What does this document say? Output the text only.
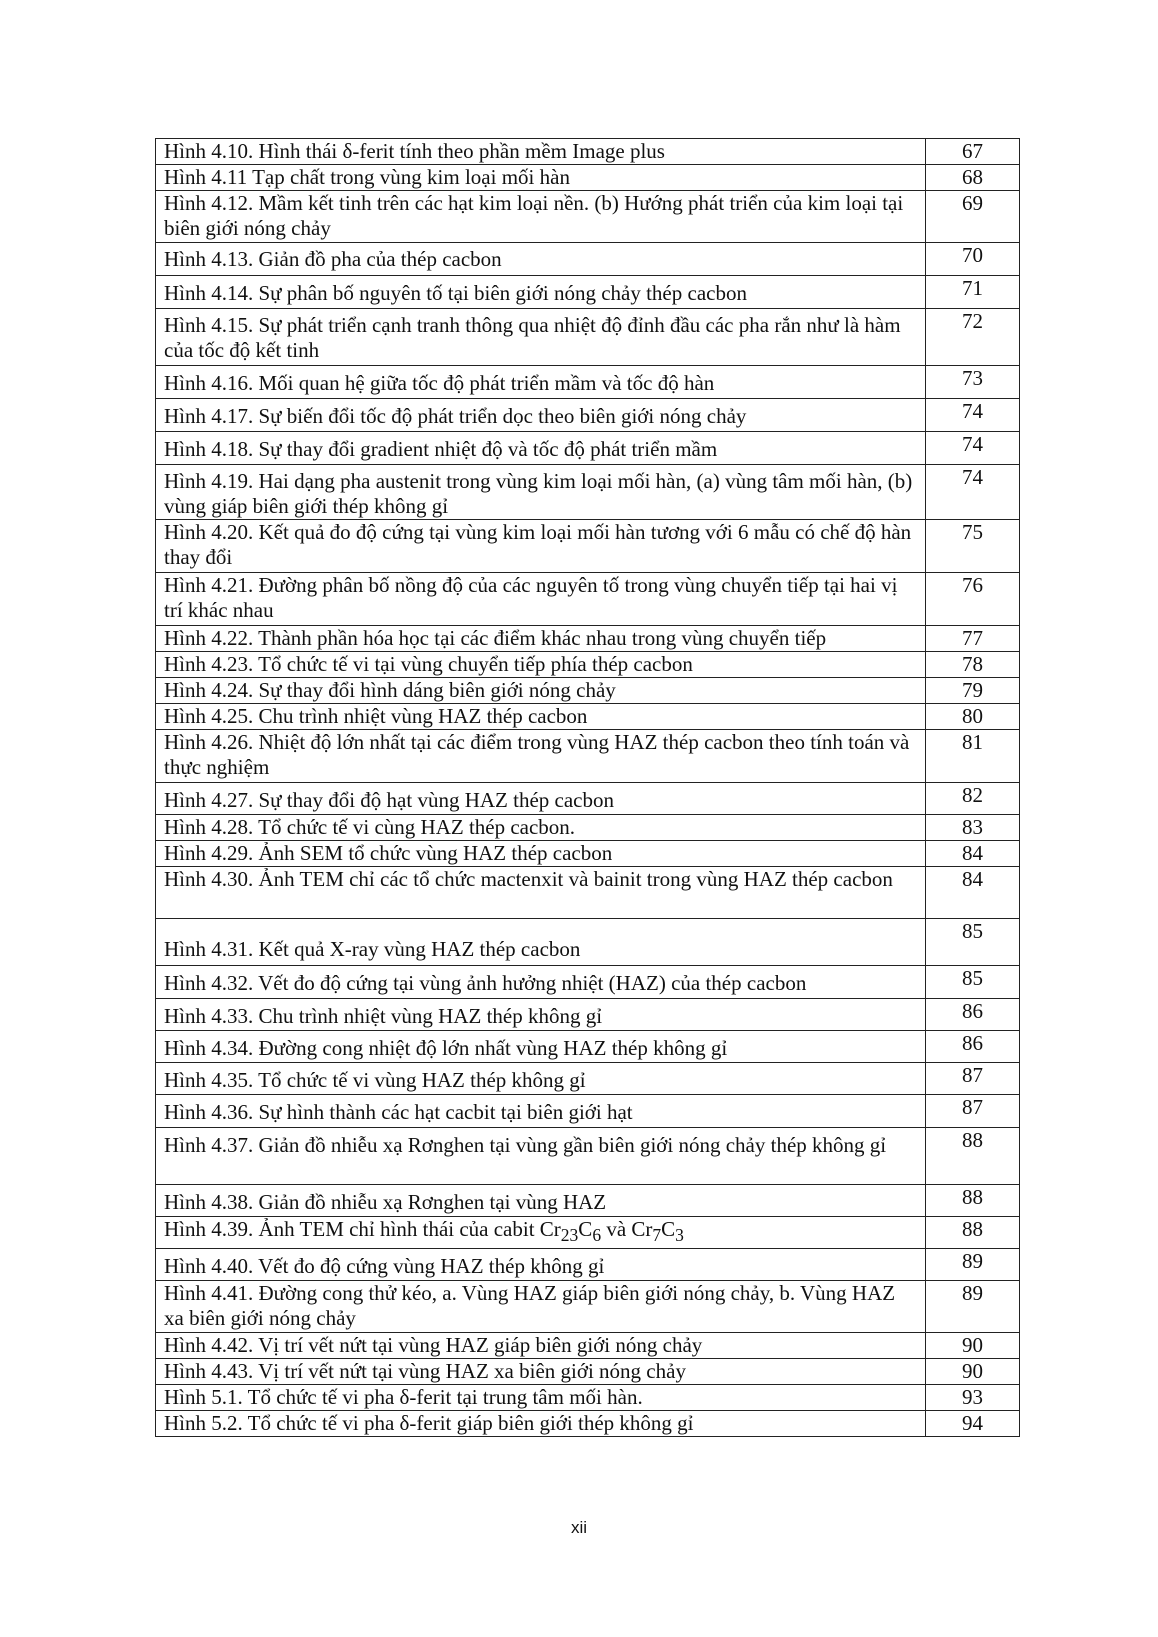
Hình 4.10. Hình thái δ-ferit tính theo phần mềm Image plus	67
Hình 4.11 Tạp chất trong vùng kim loại mối hàn	68
Hình 4.12. Mầm kết tinh trên các hạt kim loại nền. (b) Hướng phát triển của kim loại tại biên giới nóng chảy	69
Hình 4.13. Giản đồ pha của thép cacbon	70
Hình 4.14. Sự phân bố nguyên tố tại biên giới nóng chảy thép cacbon	71
Hình 4.15. Sự phát triển cạnh tranh thông qua nhiệt độ đỉnh đầu các pha rắn như là hàm của tốc độ kết tinh	72
Hình 4.16. Mối quan hệ giữa tốc độ phát triển mầm và tốc độ hàn	73
Hình 4.17. Sự biến đổi tốc độ phát triển dọc theo biên giới nóng chảy	74
Hình 4.18. Sự thay đổi gradient nhiệt độ và tốc độ phát triển mầm	74
Hình 4.19. Hai dạng pha austenit trong vùng kim loại mối hàn, (a) vùng tâm mối hàn, (b) vùng giáp biên giới thép không gỉ	74
Hình 4.20. Kết quả đo độ cứng tại vùng kim loại mối hàn tương với 6 mẫu có chế độ hàn thay đổi	75
Hình 4.21. Đường phân bố nồng độ của các nguyên tố trong vùng chuyển tiếp tại hai vị trí khác nhau	76
Hình 4.22. Thành phần hóa học tại các điểm khác nhau trong vùng chuyển tiếp	77
Hình 4.23. Tổ chức tế vi tại vùng chuyển tiếp phía thép cacbon	78
Hình 4.24. Sự thay đổi hình dáng biên giới nóng chảy	79
Hình 4.25. Chu trình nhiệt vùng HAZ thép cacbon	80
Hình 4.26. Nhiệt độ lớn nhất tại các điểm trong vùng HAZ thép cacbon theo tính toán và thực nghiệm	81
Hình 4.27. Sự thay đổi độ hạt vùng HAZ thép cacbon	82
Hình 4.28. Tổ chức tế vi cùng HAZ thép cacbon.	83
Hình 4.29. Ảnh SEM tổ chức vùng HAZ thép cacbon	84
Hình 4.30. Ảnh TEM chỉ các tổ chức mactenxit và bainit trong vùng HAZ thép cacbon	84
Hình 4.31. Kết quả X-ray vùng HAZ thép cacbon	85
Hình 4.32. Vết đo độ cứng tại vùng ảnh hưởng nhiệt (HAZ) của thép cacbon	85
Hình 4.33. Chu trình nhiệt vùng HAZ thép không gỉ	86
Hình 4.34. Đường cong nhiệt độ lớn nhất vùng HAZ thép không gỉ	86
Hình 4.35. Tổ chức tế vi vùng HAZ thép không gỉ	87
Hình 4.36. Sự hình thành các hạt cacbit tại biên giới hạt	87
Hình 4.37. Giản đồ nhiễu xạ Rơnghen tại vùng gần biên giới nóng chảy thép không gỉ	88
Hình 4.38. Giản đồ nhiễu xạ Rơnghen tại vùng HAZ	88
Hình 4.39. Ảnh TEM chỉ hình thái của cabit $Cr_{23}C_6$ và $Cr_7C_3$	88
Hình 4.40. Vết đo độ cứng vùng HAZ thép không gỉ	89
Hình 4.41. Đường cong thử kéo, a. Vùng HAZ giáp biên giới nóng chảy, b. Vùng HAZ xa biên giới nóng chảy	89
Hình 4.42. Vị trí vết nứt tại vùng HAZ giáp biên giới nóng chảy	90
Hình 4.43. Vị trí vết nứt tại vùng HAZ xa biên giới nóng chảy	90
Hình 5.1. Tổ chức tế vi pha δ-ferit tại trung tâm mối hàn.	93
Hình 5.2. Tổ chức tế vi pha δ-ferit giáp biên giới thép không gỉ	94
xii
